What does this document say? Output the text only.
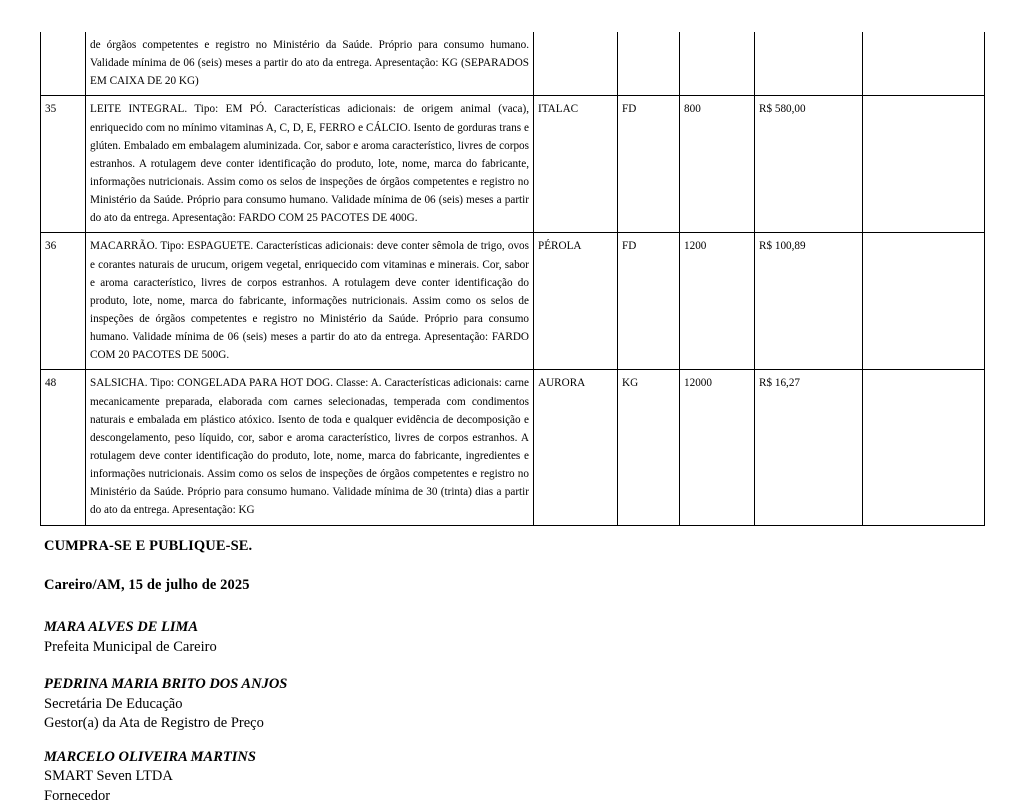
	de órgãos competentes e registro no Ministério da Saúde. Próprio para consumo humano. Validade mínima de 06 (seis) meses a partir do ato da entrega. Apresentação: KG (SEPARADOS EM CAIXA DE 20 KG)					
35	LEITE INTEGRAL. Tipo: EM PÓ. Características adicionais: de origem animal (vaca), enriquecido com no mínimo vitaminas A, C, D, E, FERRO e CÁLCIO. Isento de gorduras trans e glúten. Embalado em embalagem aluminizada. Cor, sabor e aroma característico, livres de corpos estranhos. A rotulagem deve conter identificação do produto, lote, nome, marca do fabricante, informações nutricionais. Assim como os selos de inspeções de órgãos competentes e registro no Ministério da Saúde. Próprio para consumo humano. Validade mínima de 06 (seis) meses a partir do ato da entrega. Apresentação: FARDO COM 25 PACOTES DE 400G.	ITALAC	FD	800	R$ 580,00	
36	MACARRÃO. Tipo: ESPAGUETE. Características adicionais: deve conter sêmola de trigo, ovos e corantes naturais de urucum, origem vegetal, enriquecido com vitaminas e minerais. Cor, sabor e aroma característico, livres de corpos estranhos. A rotulagem deve conter identificação do produto, lote, nome, marca do fabricante, informações nutricionais. Assim como os selos de inspeções de órgãos competentes e registro no Ministério da Saúde. Próprio para consumo humano. Validade mínima de 06 (seis) meses a partir do ato da entrega. Apresentação: FARDO COM 20 PACOTES DE 500G.	PÉROLA	FD	1200	R$ 100,89	
48	SALSICHA. Tipo: CONGELADA PARA HOT DOG. Classe: A. Características adicionais: carne mecanicamente preparada, elaborada com carnes selecionadas, temperada com condimentos naturais e embalada em plástico atóxico. Isento de toda e qualquer evidência de decomposição e descongelamento, peso líquido, cor, sabor e aroma característico, livres de corpos estranhos. A rotulagem deve conter identificação do produto, lote, nome, marca do fabricante, ingredientes e informações nutricionais. Assim como os selos de inspeções de órgãos competentes e registro no Ministério da Saúde. Próprio para consumo humano. Validade mínima de 30 (trinta) dias a partir do ato da entrega. Apresentação: KG	AURORA	KG	12000	R$ 16,27	
CUMPRA-SE E PUBLIQUE-SE.
Careiro/AM, 15 de julho de 2025
MARA ALVES DE LIMA
Prefeita Municipal de Careiro
PEDRINA MARIA BRITO DOS ANJOS
Secretária De Educação
Gestor(a) da Ata de Registro de Preço
MARCELO OLIVEIRA MARTINS
SMART Seven LTDA
Fornecedor
